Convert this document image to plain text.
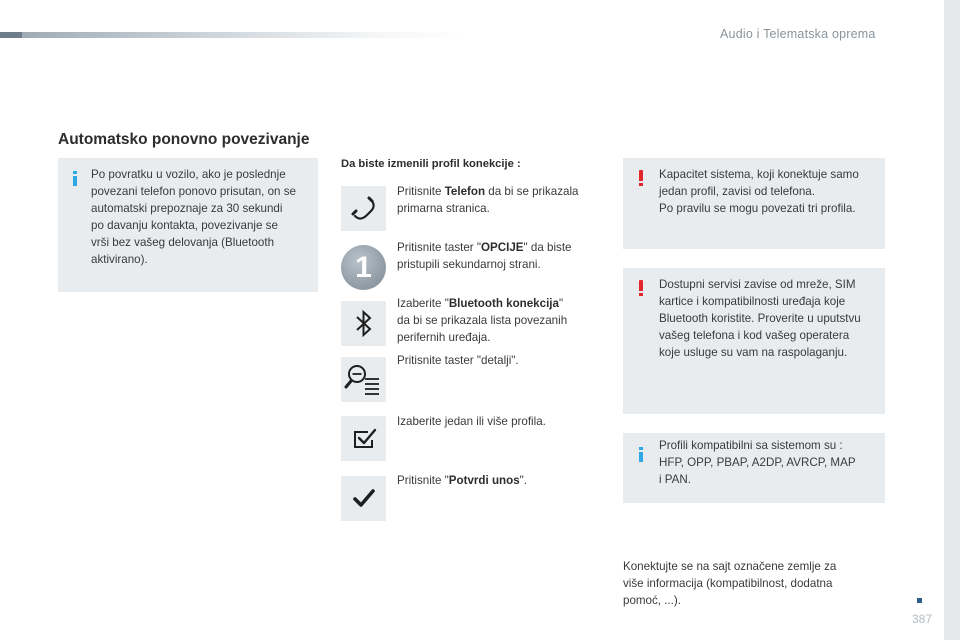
Audio i Telematska oprema
Automatsko ponovno povezivanje
Po povratku u vozilo, ako je poslednje
povezani telefon ponovo prisutan, on se
automatski prepoznaje za 30 sekundi
po davanju kontakta, povezivanje se
vrši bez vašeg delovanja (Bluetooth
aktivirano).
Da biste izmenili profil konekcije :
Pritisnite Telefon da bi se prikazala
primarna stranica.
1
Pritisnite taster "OPCIJE" da biste
pristupili sekundarnoj strani.
Izaberite "Bluetooth konekcija"
da bi se prikazala lista povezanih
perifernih uređaja.
Pritisnite taster "detalji".
Izaberite jedan ili više profila.
Pritisnite "Potvrdi unos".
Kapacitet sistema, koji konektuje samo
jedan profil, zavisi od telefona.
Po pravilu se mogu povezati tri profila.
Dostupni servisi zavise od mreže, SIM
kartice i kompatibilnosti uređaja koje
Bluetooth koristite. Proverite u uputstvu
vašeg telefona i kod vašeg operatera
koje usluge su vam na raspolaganju.
Profili kompatibilni sa sistemom su :
HFP, OPP, PBAP, A2DP, AVRCP, MAP
i PAN.
Konektujte se na sajt označene zemlje za
više informacija (kompatibilnost, dodatna
pomoć, ...).
387
